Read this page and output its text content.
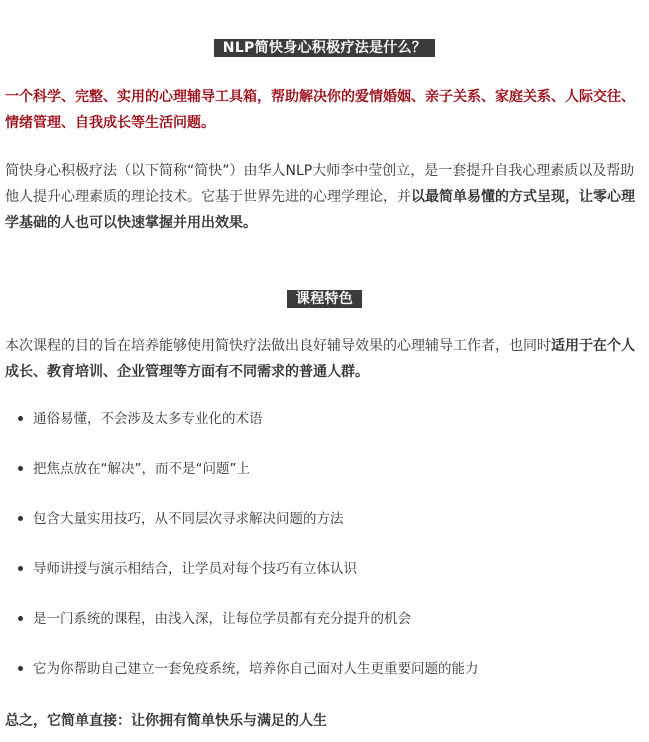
NLP简快身心积极疗法是什么？

一个科学、完整、实用的心理辅导工具箱，帮助解决你的爱情婚姻、亲子关系、家庭关系、人际交往、情绪管理、自我成长等生活问题。

简快身心积极疗法（以下简称“简快”）由华人NLP大师李中莹创立，是一套提升自我心理素质以及帮助他人提升心理素质的理论技术。它基于世界先进的心理学理论，并以最简单易懂的方式呈现，让零心理学基础的人也可以快速掌握并用出效果。

课程特色

本次课程的目的旨在培养能够使用简快疗法做出良好辅导效果的心理辅导工作者，也同时适用于在个人成长、教育培训、企业管理等方面有不同需求的普通人群。

通俗易懂，不会涉及太多专业化的术语
把焦点放在“解决”，而不是“问题”上
包含大量实用技巧，从不同层次寻求解决问题的方法
导师讲授与演示相结合，让学员对每个技巧有立体认识
是一门系统的课程，由浅入深，让每位学员都有充分提升的机会
它为你帮助自己建立一套免疫系统，培养你自己面对人生更重要问题的能力
总之，它简单直接：让你拥有简单快乐与满足的人生
